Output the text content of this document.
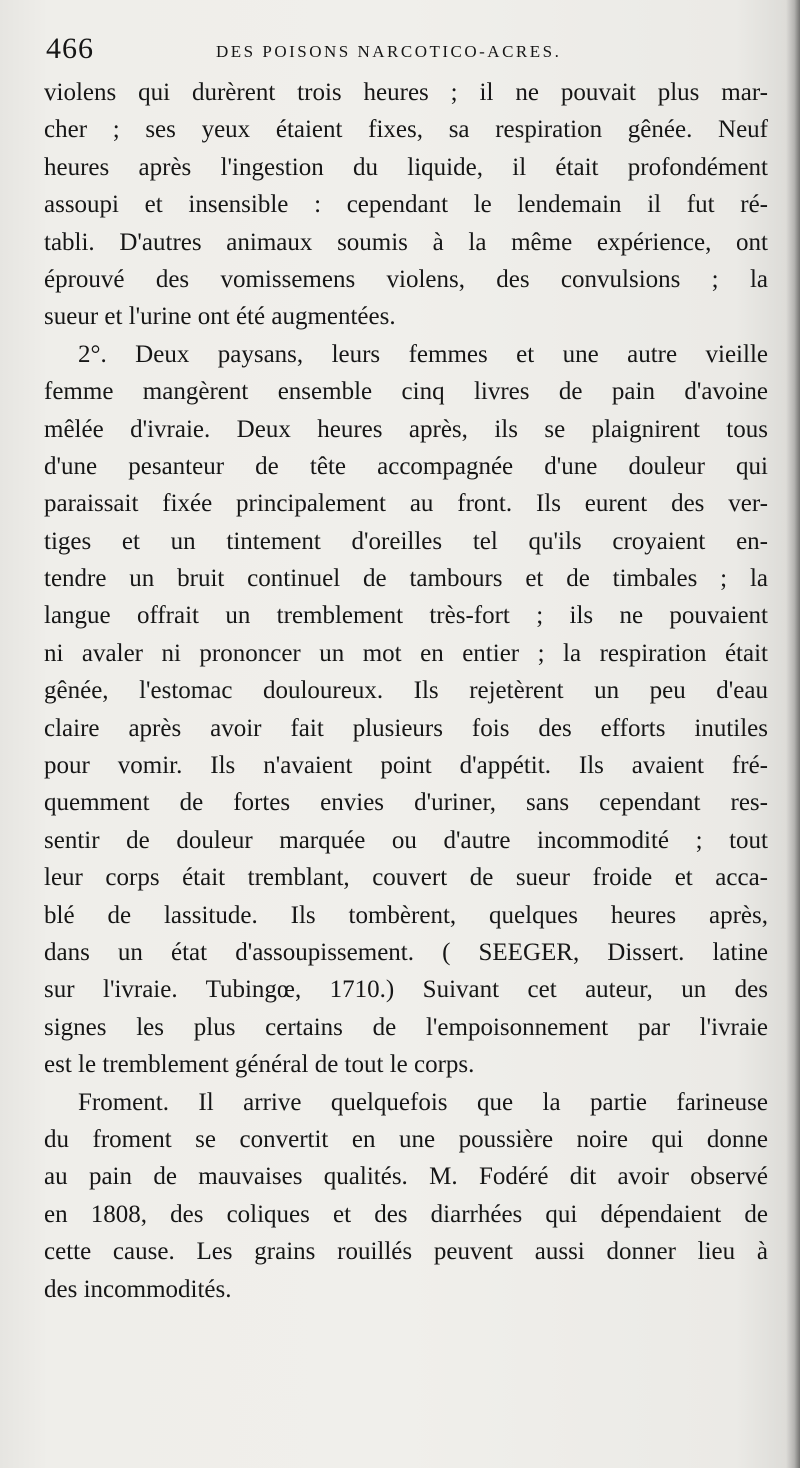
466	DES POISONS NARCOTICO-ACRES.
violens qui durèrent trois heures ; il ne pouvait plus mar-
cher ; ses yeux étaient fixes, sa respiration gênée. Neuf
heures après l'ingestion du liquide, il était profondément
assoupi et insensible : cependant le lendemain il fut ré-
tabli. D'autres animaux soumis à la même expérience, ont
éprouvé des vomissemens violens, des convulsions ; la
sueur et l'urine ont été augmentées.
2°. Deux paysans, leurs femmes et une autre vieille
femme mangèrent ensemble cinq livres de pain d'avoine
mêlée d'ivraie. Deux heures après, ils se plaignirent tous
d'une pesanteur de tête accompagnée d'une douleur qui
paraissait fixée principalement au front. Ils eurent des ver-
tiges et un tintement d'oreilles tel qu'ils croyaient en-
tendre un bruit continuel de tambours et de timbales ; la
langue offrait un tremblement très-fort ; ils ne pouvaient
ni avaler ni prononcer un mot en entier ; la respiration était
gênée, l'estomac douloureux. Ils rejetèrent un peu d'eau
claire après avoir fait plusieurs fois des efforts inutiles
pour vomir. Ils n'avaient point d'appétit. Ils avaient fré-
quemment de fortes envies d'uriner, sans cependant res-
sentir de douleur marquée ou d'autre incommodité ; tout
leur corps était tremblant, couvert de sueur froide et acca-
blé de lassitude. Ils tombèrent, quelques heures après,
dans un état d'assoupissement. ( SEEGER, Dissert. latine
sur l'ivraie. Tubingœ, 1710.) Suivant cet auteur, un des
signes les plus certains de l'empoisonnement par l'ivraie
est le tremblement général de tout le corps.
Froment. Il arrive quelquefois que la partie farineuse
du froment se convertit en une poussière noire qui donne
au pain de mauvaises qualités. M. Fodéré dit avoir observé
en 1808, des coliques et des diarrhées qui dépendaient de
cette cause. Les grains rouillés peuvent aussi donner lieu à
des incommodités.
